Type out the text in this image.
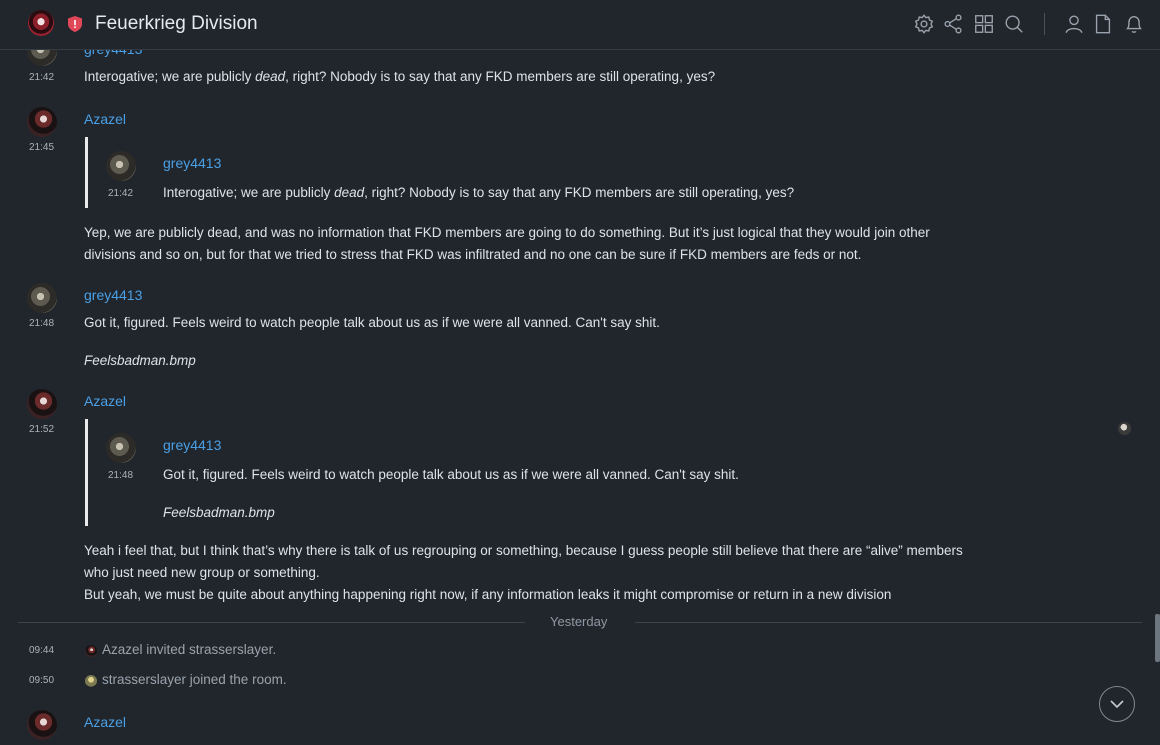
21:42 Interogative; we are publicly dead, right? Nobody is to say that any FKD members are still operating, yes?
Azazel
21:45
grey4413
21:42 Interogative; we are publicly dead, right? Nobody is to say that any FKD members are still operating, yes?
Yep, we are publicly dead, and was no information that FKD members are going to do something. But it’s just logical that they would join other
divisions and so on, but for that we tried to stress that FKD was infiltrated and no one can be sure if FKD members are feds or not.
grey4413
21:48 Got it, figured. Feels weird to watch people talk about us as if we were all vanned. Can't say shit.
Feelsbadman.bmp
Azazel
21:52
grey4413
21:48 Got it, figured. Feels weird to watch people talk about us as if we were all vanned. Can't say shit.
Feelsbadman.bmp
Yeah i feel that, but I think that’s why there is talk of us regrouping or something, because I guess people still believe that there are “alive” members
who just need new group or something.
But yeah, we must be quite about anything happening right now, if any information leaks it might compromise or return in a new division
Yesterday
09:44	Azazel invited strasserslayer.
09:50	strasserslayer joined the room.
Azazel
Feuerkrieg Division
